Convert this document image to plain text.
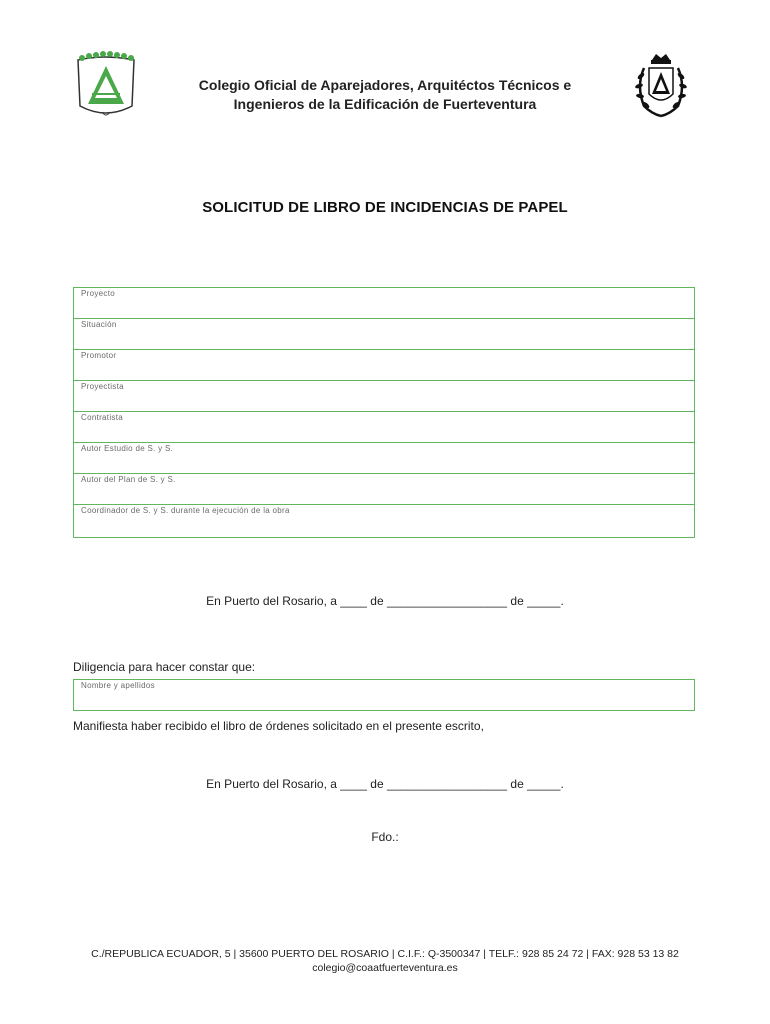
Colegio Oficial de Aparejadores, Arquitéctos Técnicos e
Ingenieros de la Edificación de Fuerteventura
SOLICITUD DE LIBRO DE INCIDENCIAS DE PAPEL
Proyecto
Situación
Promotor
Proyectista
Contratista
Autor Estudio de S. y S.
Autor del Plan de S. y S.
Coordinador de S. y S. durante la ejecución de la obra
En Puerto del Rosario, a ____ de __________________ de _____.
Diligencia para hacer constar que:
Nombre y apellidos
Manifiesta haber recibido el libro de órdenes solicitado en el presente escrito,
En Puerto del Rosario, a ____ de __________________ de _____.
Fdo.:
C./REPUBLICA ECUADOR, 5 | 35600 PUERTO DEL ROSARIO | C.I.F.: Q-3500347 | TELF.: 928 85 24 72 | FAX: 928 53 13 82
colegio@coaatfuerteventura.es
